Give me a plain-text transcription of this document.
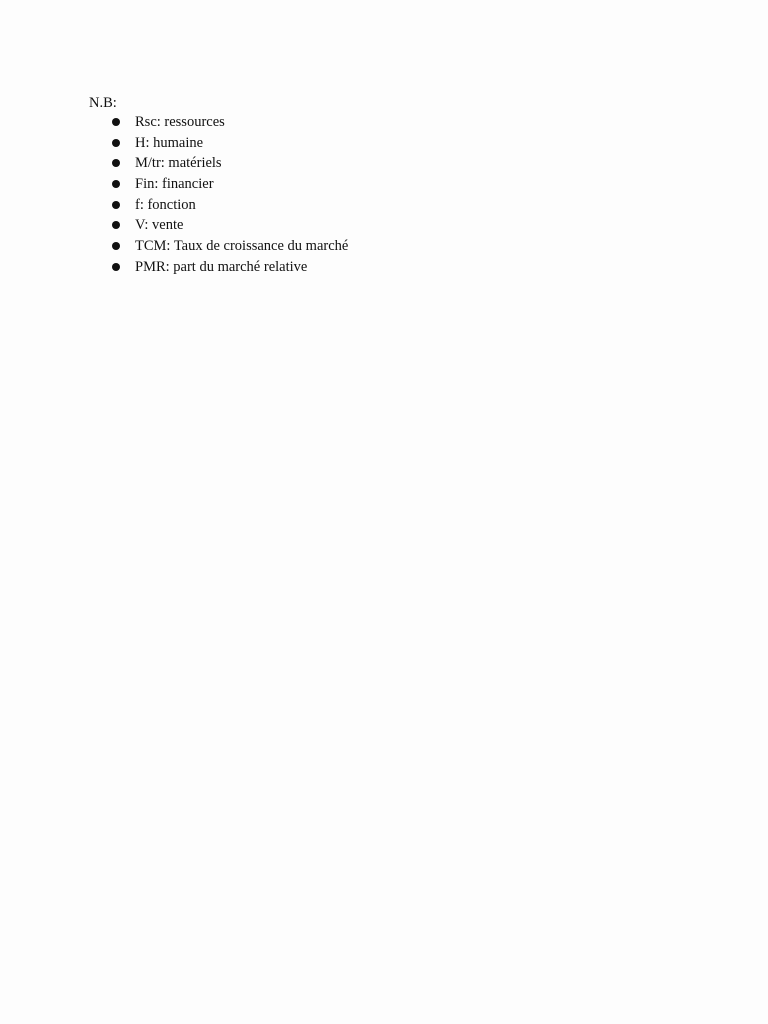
N.B:

Rsc: ressources
H: humaine
M/tr: matériels
Fin: financier
f: fonction
V: vente
TCM: Taux de croissance du marché
PMR: part du marché relative
